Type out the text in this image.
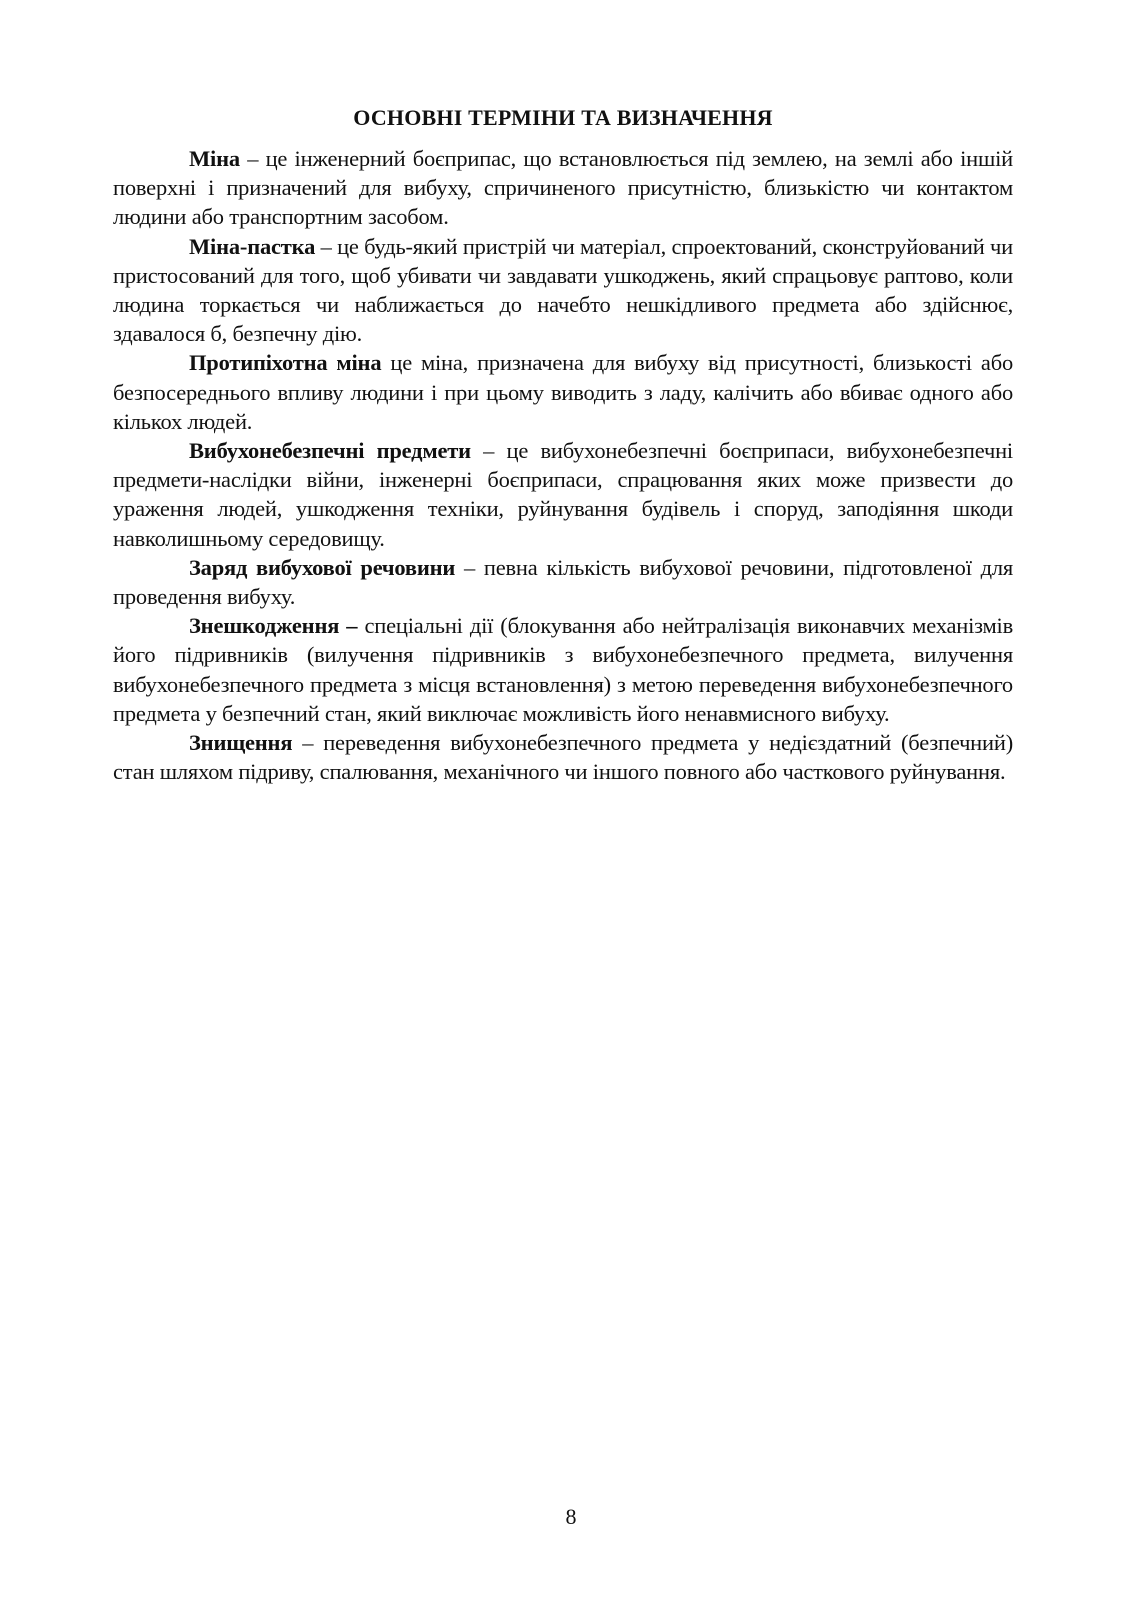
ОСНОВНІ ТЕРМІНИ ТА ВИЗНАЧЕННЯ

Міна – це інженерний боєприпас, що встановлюється під землею, на землі або іншій поверхні і призначений для вибуху, спричиненого присутністю, близькістю чи контактом людини або транспортним засобом.

Міна-пастка – це будь-який пристрій чи матеріал, спроектований, сконструйований чи пристосований для того, щоб убивати чи завдавати ушкоджень, який спрацьовує раптово, коли людина торкається чи наближається до начебто нешкідливого предмета або здійснює, здавалося б, безпечну дію.

Протипіхотна міна це міна, призначена для вибуху від присутності, близькості або безпосереднього впливу людини і при цьому виводить з ладу, калічить або вбиває одного або кількох людей.

Вибухонебезпечні предмети – це вибухонебезпечні боєприпаси, вибухонебезпечні предмети-наслідки війни, інженерні боєприпаси, спрацювання яких може призвести до ураження людей, ушкодження техніки, руйнування будівель і споруд, заподіяння шкоди навколишньому середовищу.

Заряд вибухової речовини – певна кількість вибухової речовини, підготовленої для проведення вибуху.

Знешкодження – спеціальні дії (блокування або нейтралізація виконавчих механізмів його підривників (вилучення підривників з вибухонебезпечного предмета, вилучення вибухонебезпечного предмета з місця встановлення) з метою переведення вибухонебезпечного предмета у безпечний стан, який виключає можливість його ненавмисного вибуху.

Знищення – переведення вибухонебезпечного предмета у недієздатний (безпечний) стан шляхом підриву, спалювання, механічного чи іншого повного або часткового руйнування.

8
